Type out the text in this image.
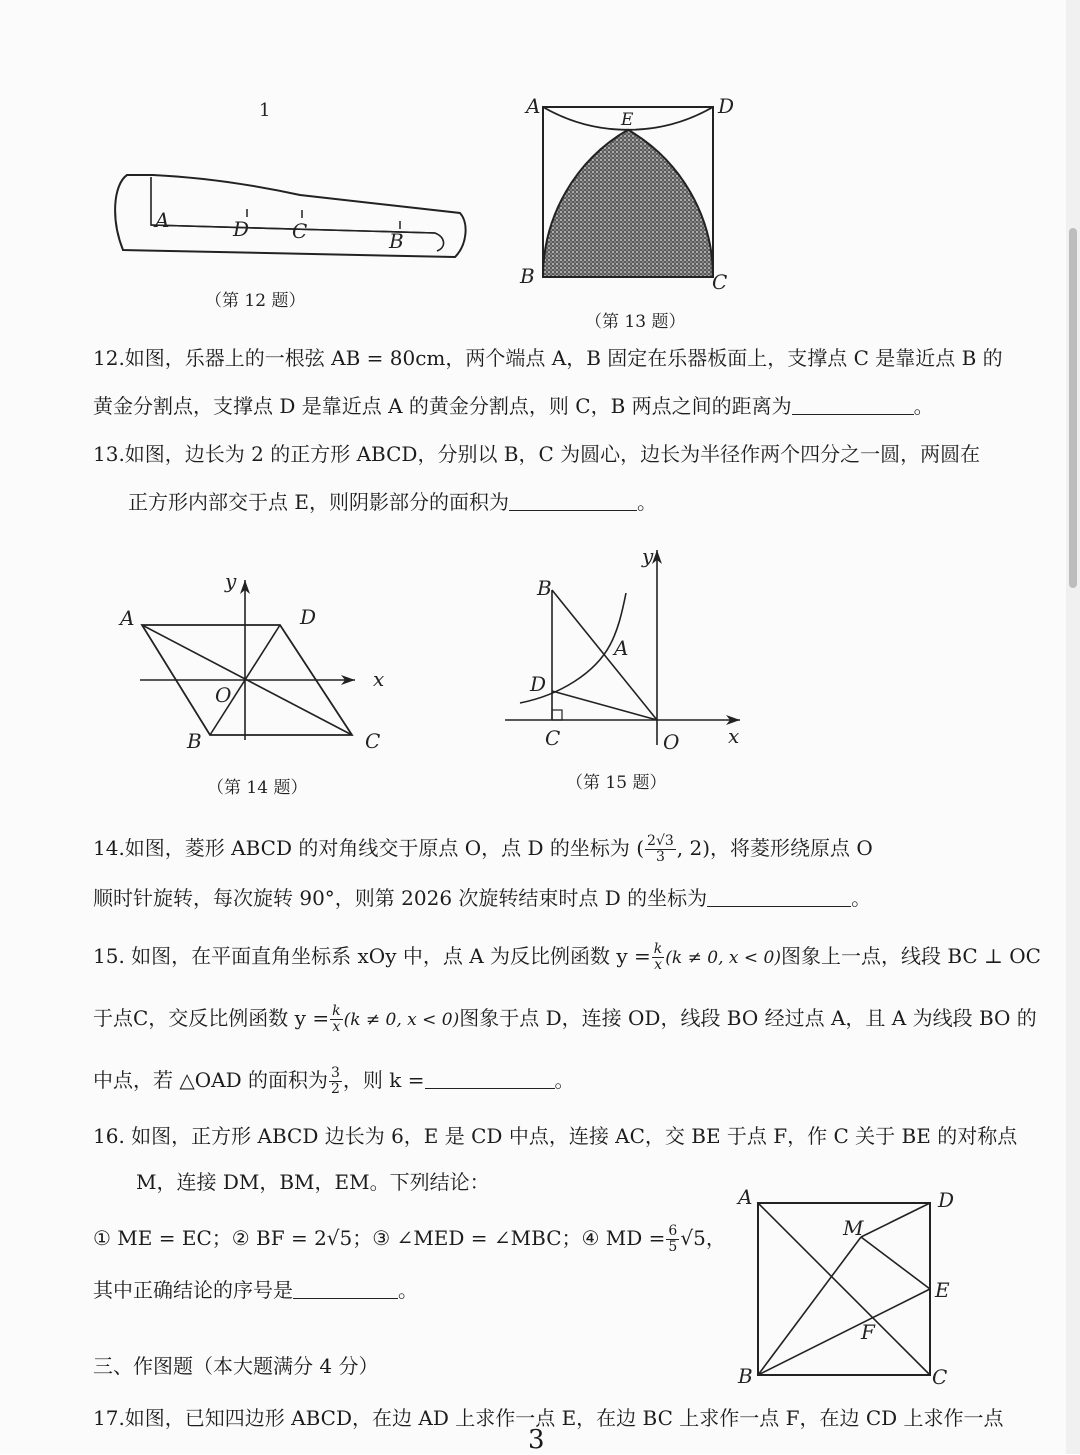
1
A	D C	B
（第 12 题）
A
E
D
B	C
（第 13 题）
12.如图，乐器上的一根弦 AB = 80cm，两个端点 A，B 固定在乐器板面上，支撑点 C 是靠近点 B 的
黄金分割点，支撑点 D 是靠近点 A 的黄金分割点，则 C，B 两点之间的距离为	。
13.如图，边长为 2 的正方形 ABCD，分别以 B，C 为圆心，边长为半径作两个四分之一圆，两圆在
正方形内部交于点 E，则阴影部分的面积为	。
A	D
O
B	C
x
y
（第 14 题）
B
A
D
C	O x
y
（第 15 题）
14.如图，菱形 ABCD 的对角线交于原点 O，点 D 的坐标为 ( $\frac{2√3}{3}$ , 2)，将菱形绕原点 O
顺时针旋转，每次旋转 90°，则第 2026 次旋转结束时点 D 的坐标为	。
15. 如图，在平面直角坐标系 xOy 中，点 A 为反比例函数 $y = \frac{k}{x} (k \ne 0$, x < 0)图象上一点，线段 BC ⊥ OC
于点C，交反比例函数 $y = \frac{k}{x} (k \ne 0$, x < 0)图象于点 D，连接 OD，线段 BO 经过点 A，且 A 为线段 BO 的
中点，若 △OAD 的面积为 $\frac{3}{2}$ ，则 k =	。
16. 如图，正方形 ABCD 边长为 6，E 是 CD 中点，连接 AC，交 BE 于点 F，作 C 关于 BE 的对称点
M，连接 DM，BM，EM。下列结论：
① ME = EC；② BF = 2√5；③ ∠MED = ∠MBC；④ MD = $\frac{6}{5} √5$，
其中正确结论的序号是	。
A	D
M
E
F
B	C
三、作图题（本大题满分 4 分）
17.如图，已知四边形 ABCD，在边 AD 上求作一点 E，在边 BC 上求作一点 F，在边 CD 上求作一点
3
